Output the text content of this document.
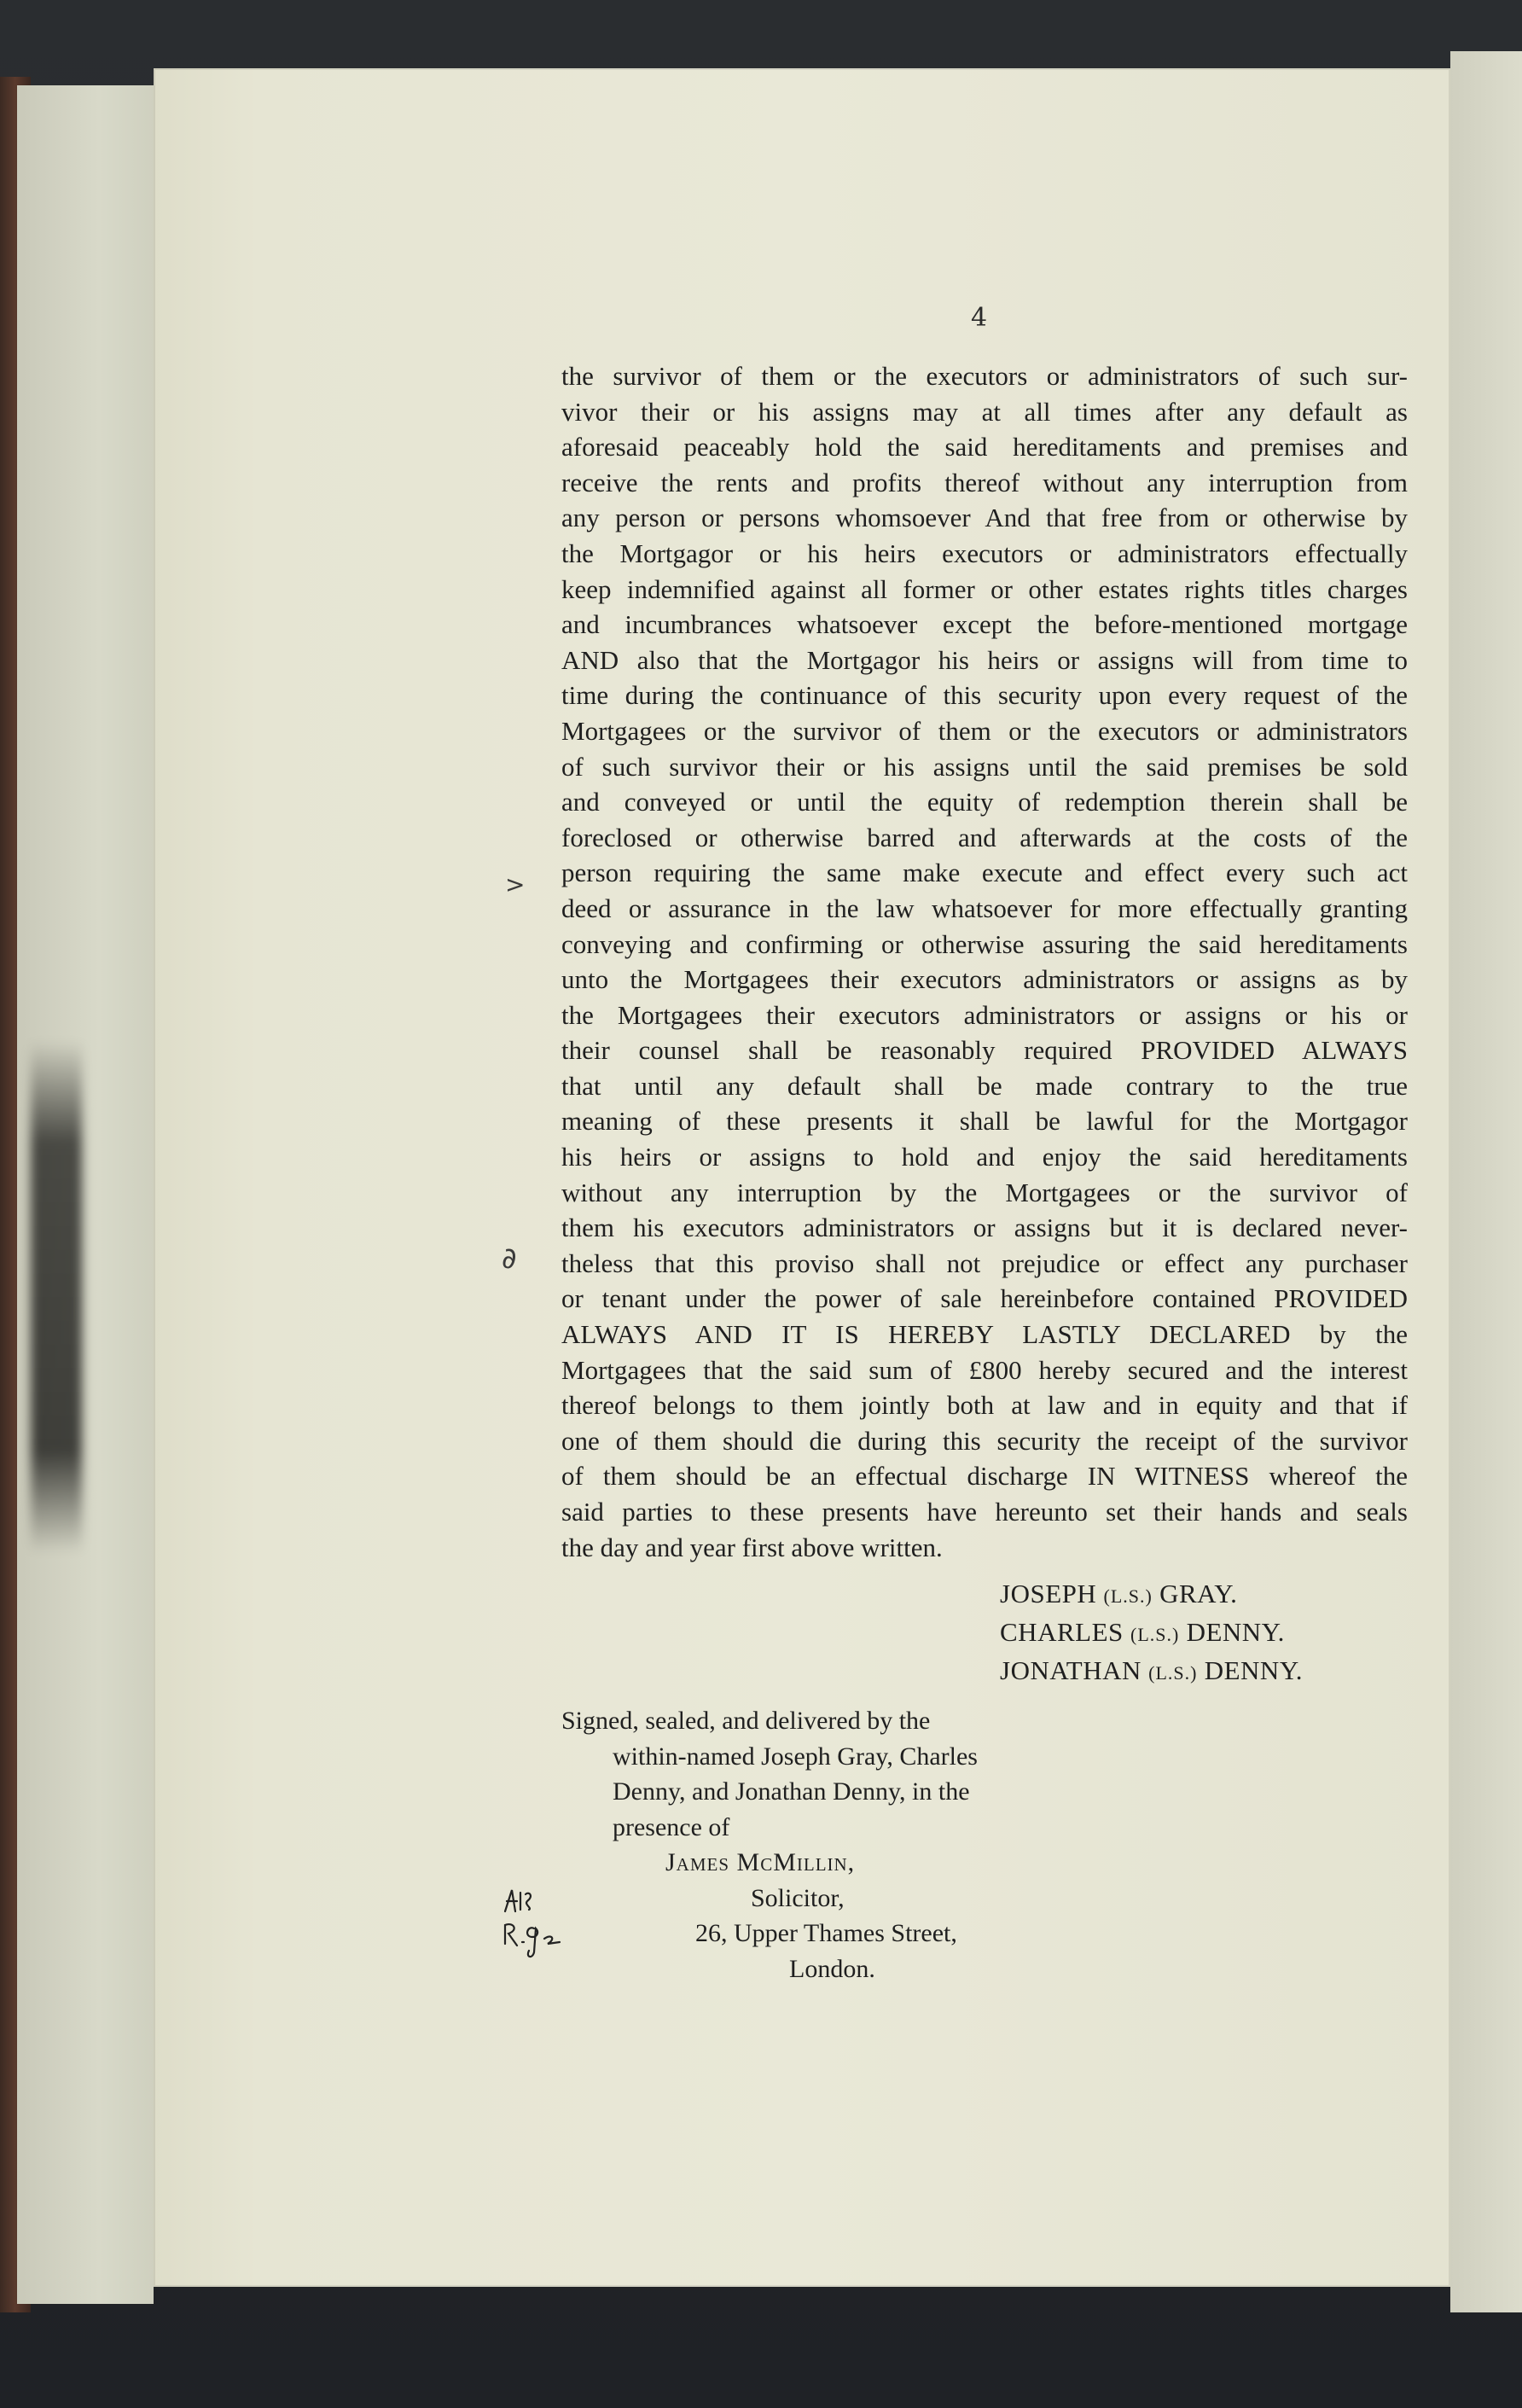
4
the survivor of them or the executors or administrators of such sur-
vivor their or his assigns may at all times after any default as
aforesaid peaceably hold the said hereditaments and premises and
receive the rents and profits thereof without any interruption from
any person or persons whomsoever And that free from or otherwise by
the Mortgagor or his heirs executors or administrators effectually
keep indemnified against all former or other estates rights titles charges
and incumbrances whatsoever except the before-mentioned mortgage
AND also that the Mortgagor his heirs or assigns will from time to
time during the continuance of this security upon every request of the
Mortgagees or the survivor of them or the executors or administrators
of such survivor their or his assigns until the said premises be sold
and conveyed or until the equity of redemption therein shall be
foreclosed or otherwise barred and afterwards at the costs of the
person requiring the same make execute and effect every such act
deed or assurance in the law whatsoever for more effectually granting
conveying and confirming or otherwise assuring the said hereditaments
unto the Mortgagees their executors administrators or assigns as by
the Mortgagees their executors administrators or assigns or his or
their counsel shall be reasonably required PROVIDED ALWAYS
that until any default shall be made contrary to the true
meaning of these presents it shall be lawful for the Mortgagor
his heirs or assigns to hold and enjoy the said hereditaments
without any interruption by the Mortgagees or the survivor of
them his executors administrators or assigns but it is declared never-
theless that this proviso shall not prejudice or effect any purchaser
or tenant under the power of sale hereinbefore contained PROVIDED
ALWAYS AND IT IS HEREBY LASTLY DECLARED by the
Mortgagees that the said sum of £800 hereby secured and the interest
thereof belongs to them jointly both at law and in equity and that if
one of them should die during this security the receipt of the survivor
of them should be an effectual discharge IN WITNESS whereof the
said parties to these presents have hereunto set their hands and seals
the day and year first above written.
JOSEPH (L.S.) GRAY.
CHARLES (L.S.) DENNY.
JONATHAN (L.S.) DENNY.
Signed, sealed, and delivered by the
within-named Joseph Gray, Charles
Denny, and Jonathan Denny, in the
presence of
James McMillin,
Solicitor,
26, Upper Thames Street,
London.
>
∂
